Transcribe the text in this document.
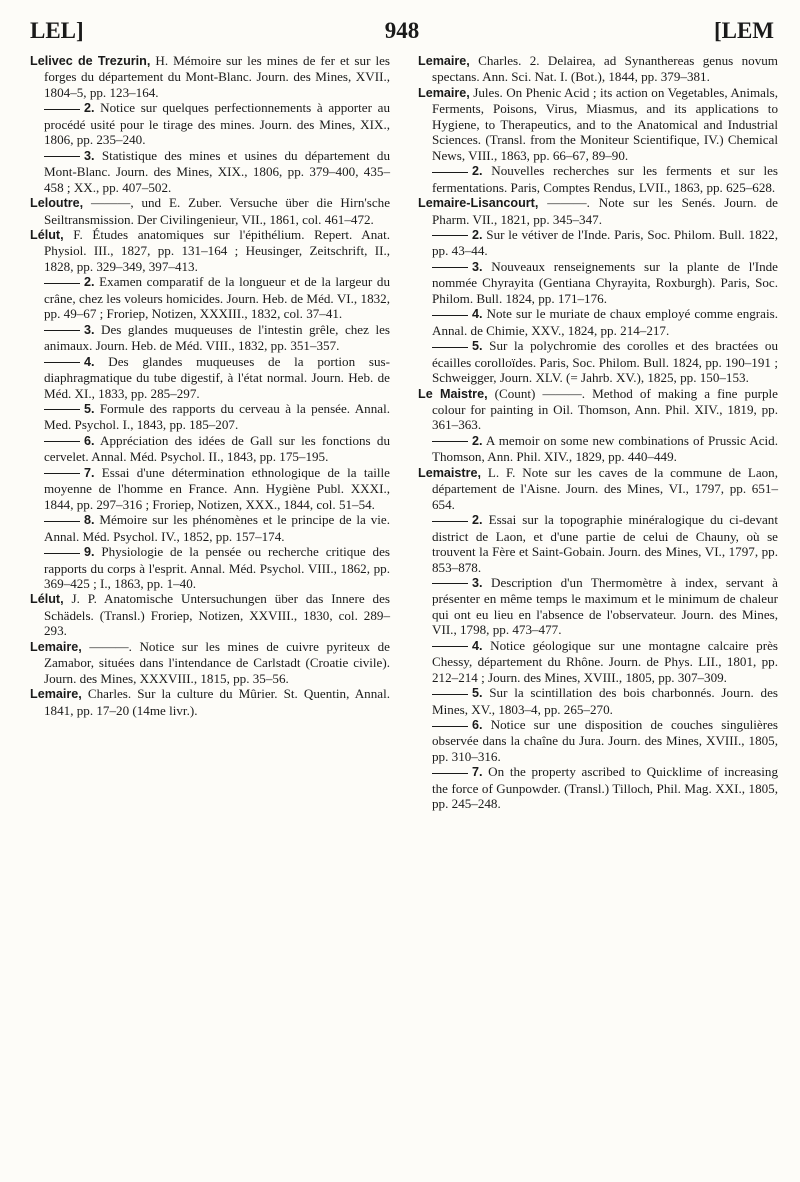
LEL]	948	[LEM

Lelivec de Trezurin, H. Mémoire sur les mines de fer et sur les forges du département du Mont-Blanc. Journ. des Mines, XVII., 1804–5, pp. 123–164.

2. Notice sur quelques perfectionnements à apporter au procédé usité pour le tirage des mines. Journ. des Mines, XIX., 1806, pp. 235–240.

3. Statistique des mines et usines du département du Mont-Blanc. Journ. des Mines, XIX., 1806, pp. 379–400, 435–458 ; XX., pp. 407–502.

Leloutre, ———, und E. Zuber. Versuche über die Hirn'sche Seiltransmission. Der Civilingenieur, VII., 1861, col. 461–472.

Lélut, F. Études anatomiques sur l'épithélium. Repert. Anat. Physiol. III., 1827, pp. 131–164 ; Heusinger, Zeitschrift, II., 1828, pp. 329–349, 397–413.

2. Examen comparatif de la longueur et de la largeur du crâne, chez les voleurs homicides. Journ. Heb. de Méd. VI., 1832, pp. 49–67 ; Froriep, Notizen, XXXIII., 1832, col. 37–41.

3. Des glandes muqueuses de l'intestin grêle, chez les animaux. Journ. Heb. de Méd. VIII., 1832, pp. 351–357.

4. Des glandes muqueuses de la portion sus-diaphragmatique du tube digestif, à l'état normal. Journ. Heb. de Méd. XI., 1833, pp. 285–297.

5. Formule des rapports du cerveau à la pensée. Annal. Med. Psychol. I., 1843, pp. 185–207.

6. Appréciation des idées de Gall sur les fonctions du cervelet. Annal. Méd. Psychol. II., 1843, pp. 175–195.

7. Essai d'une détermination ethnologique de la taille moyenne de l'homme en France. Ann. Hygiène Publ. XXXI., 1844, pp. 297–316 ; Froriep, Notizen, XXX., 1844, col. 51–54.

8. Mémoire sur les phénomènes et le principe de la vie. Annal. Méd. Psychol. IV., 1852, pp. 157–174.

9. Physiologie de la pensée ou recherche critique des rapports du corps à l'esprit. Annal. Méd. Psychol. VIII., 1862, pp. 369–425 ; I., 1863, pp. 1–40.

Lélut, J. P. Anatomische Untersuchungen über das Innere des Schädels. (Transl.) Froriep, Notizen, XXVIII., 1830, col. 289–293.

Lemaire, ———. Notice sur les mines de cuivre pyriteux de Zamabor, situées dans l'intendance de Carlstadt (Croatie civile). Journ. des Mines, XXXVIII., 1815, pp. 35–56.

Lemaire, Charles. Sur la culture du Mûrier. St. Quentin, Annal. 1841, pp. 17–20 (14me livr.).

Lemaire, Charles. 2. Delairea, ad Synanthereas genus novum spectans. Ann. Sci. Nat. I. (Bot.), 1844, pp. 379–381.

Lemaire, Jules. On Phenic Acid ; its action on Vegetables, Animals, Ferments, Poisons, Virus, Miasmus, and its applications to Hygiene, to Therapeutics, and to the Anatomical and Industrial Sciences. (Transl. from the Moniteur Scientifique, IV.) Chemical News, VIII., 1863, pp. 66–67, 89–90.

2. Nouvelles recherches sur les ferments et sur les fermentations. Paris, Comptes Rendus, LVII., 1863, pp. 625–628.

Lemaire-Lisancourt, ———. Note sur les Senés. Journ. de Pharm. VII., 1821, pp. 345–347.

2. Sur le vétiver de l'Inde. Paris, Soc. Philom. Bull. 1822, pp. 43–44.

3. Nouveaux renseignements sur la plante de l'Inde nommée Chyrayita (Gentiana Chyrayita, Roxburgh). Paris, Soc. Philom. Bull. 1824, pp. 171–176.

4. Note sur le muriate de chaux employé comme engrais. Annal. de Chimie, XXV., 1824, pp. 214–217.

5. Sur la polychromie des corolles et des bractées ou écailles corolloïdes. Paris, Soc. Philom. Bull. 1824, pp. 190–191 ; Schweigger, Journ. XLV. (= Jahrb. XV.), 1825, pp. 150–153.

Le Maistre, (Count) ———. Method of making a fine purple colour for painting in Oil. Thomson, Ann. Phil. XIV., 1819, pp. 361–363.

2. A memoir on some new combinations of Prussic Acid. Thomson, Ann. Phil. XIV., 1829, pp. 440–449.

Lemaistre, L. F. Note sur les caves de la commune de Laon, département de l'Aisne. Journ. des Mines, VI., 1797, pp. 651–654.

2. Essai sur la topographie minéralogique du ci-devant district de Laon, et d'une partie de celui de Chauny, où se trouvent la Fère et Saint-Gobain. Journ. des Mines, VI., 1797, pp. 853–878.

3. Description d'un Thermomètre à index, servant à présenter en même temps le maximum et le minimum de chaleur qui ont eu lieu en l'absence de l'observateur. Journ. des Mines, VII., 1798, pp. 473–477.

4. Notice géologique sur une montagne calcaire près Chessy, département du Rhône. Journ. de Phys. LII., 1801, pp. 212–214 ; Journ. des Mines, XVIII., 1805, pp. 307–309.

5. Sur la scintillation des bois charbonnés. Journ. des Mines, XV., 1803–4, pp. 265–270.

6. Notice sur une disposition de couches singulières observée dans la chaîne du Jura. Journ. des Mines, XVIII., 1805, pp. 310–316.

7. On the property ascribed to Quicklime of increasing the force of Gunpowder. (Transl.) Tilloch, Phil. Mag. XXI., 1805, pp. 245–248.
